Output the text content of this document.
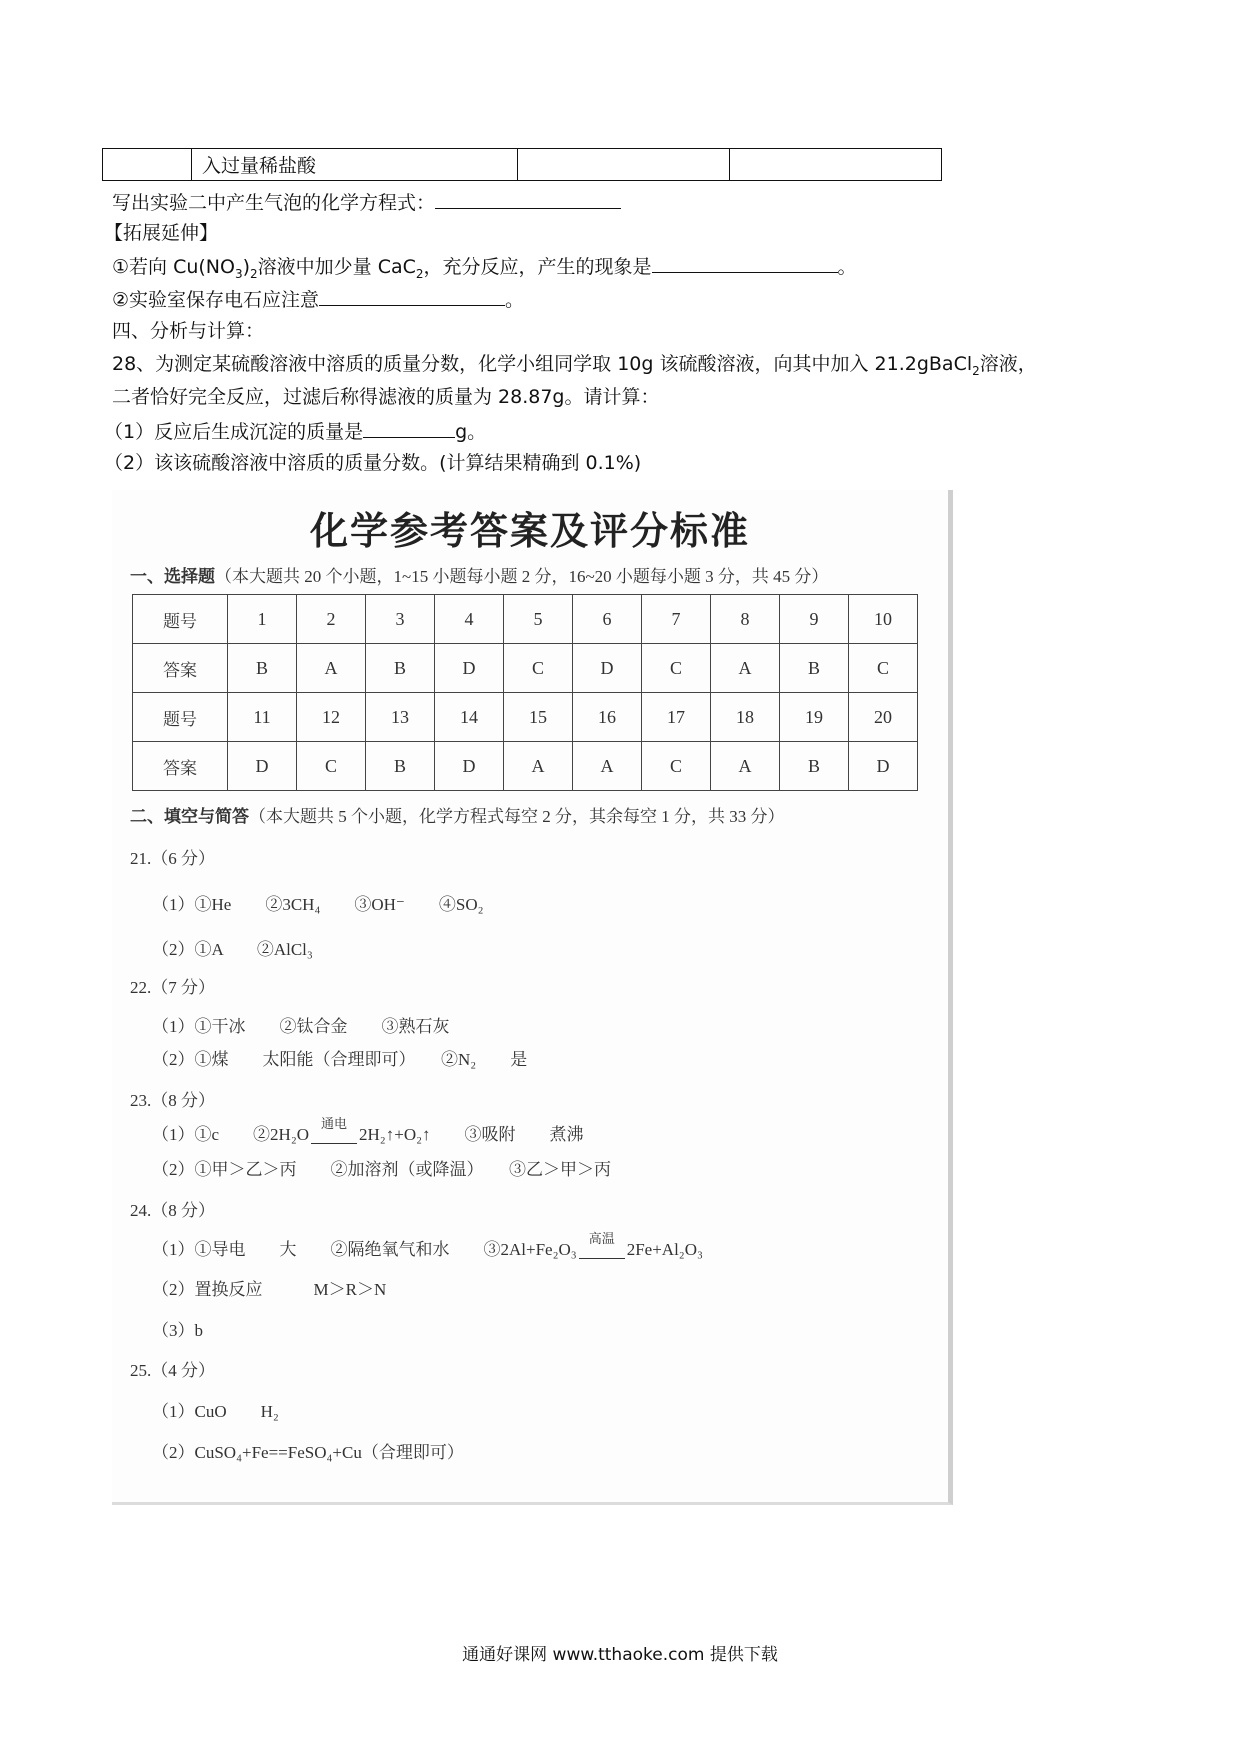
	入过量稀盐酸		
写出实验二中产生气泡的化学方程式：
【拓展延伸】
①若向 $Cu(NO_3)_2$溶液中加少量 CaC$_2$，充分反应，产生的现象是	。
②实验室保存电石应注意	。
四、分析与计算：
28、为测定某硫酸溶液中溶质的质量分数，化学小组同学取 10g 该硫酸溶液，向其中加入 21.2gBaCl$_2$溶液，
二者恰好完全反应，过滤后称得滤液的质量为 28.87g。请计算：
（1）反应后生成沉淀的质量是	g。
（2）该该硫酸溶液中溶质的质量分数。(计算结果精确到 0.1%)
化学参考答案及评分标准
一、选择题（本大题共 20 个小题，1~15 小题每小题 2 分，16~20 小题每小题 3 分，共 45 分）
题号	1	2	3	4	5	6	7	8	9	10
答案	B	A	B	D	C	D	C	A	B	C
题号	11	12	13	14	15	16	17	18	19	20
答案	D	C	B	D	A	A	C	A	B	D
二、填空与简答（本大题共 5 个小题，化学方程式每空 2 分，其余每空 1 分，共 33 分）
21.（6 分）
（1）①He　　②3CH₄　　③OH⁻　　④SO₂
（2）①A　　②AlCl₃
22.（7 分）
（1）①干冰　　②钛合金　　③熟石灰
（2）①煤　　太阳能（合理即可）　　②N₂　　是
23.（8 分）
（1）①c　　②2H₂O
通电
2H₂↑+O₂↑　　③吸附　　煮沸
（2）①甲＞乙＞丙　　②加溶剂（或降温）　　③乙＞甲＞丙
24.（8 分）
（1）①导电　　大　　②隔绝氧气和水　　③2Al+Fe₂O₃
高温
2Fe+Al₂O₃
（2）置换反应　　　M＞R＞N
（3）b
25.（4 分）
（1）CuO　　H₂
（2）CuSO₄+Fe==FeSO₄+Cu（合理即可）
通通好课网 www.tthaoke.com 提供下载
